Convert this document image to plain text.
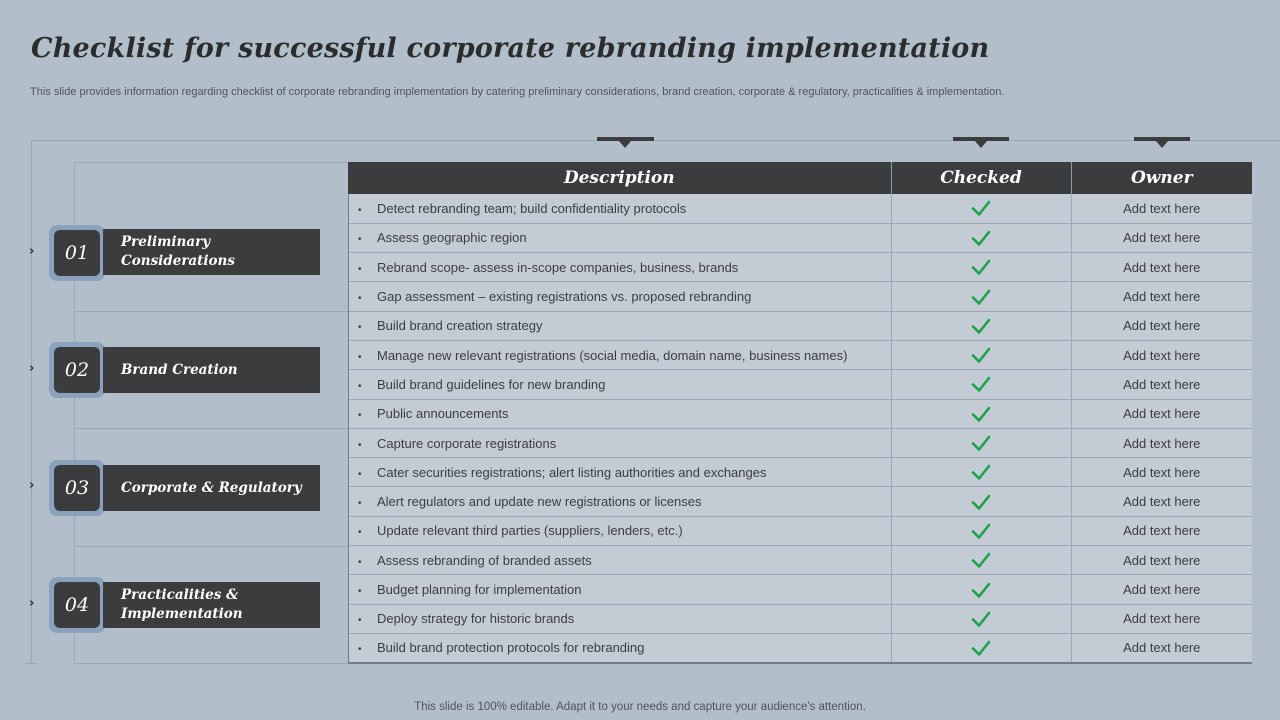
Checklist for successful corporate rebranding implementation
This slide provides information regarding checklist of corporate rebranding implementation by catering preliminary considerations, brand creation, corporate & regulatory, practicalities & implementation.
›	01	Preliminary
Considerations
›	02	Brand Creation
›	03	Corporate & Regulatory
›	04	Practicalities &
Implementation
Description	Checked	Owner
• Detect rebranding team; build confidentiality protocols		Add text here
• Assess geographic region		Add text here
• Rebrand scope- assess in-scope companies, business, brands		Add text here
• Gap assessment – existing registrations vs. proposed rebranding		Add text here
• Build brand creation strategy		Add text here
• Manage new relevant registrations (social media, domain name, business names)		Add text here
• Build brand guidelines for new branding		Add text here
• Public announcements		Add text here
• Capture corporate registrations		Add text here
• Cater securities registrations; alert listing authorities and exchanges		Add text here
• Alert regulators and update new registrations or licenses		Add text here
• Update relevant third parties (suppliers, lenders, etc.)		Add text here
• Assess rebranding of branded assets		Add text here
• Budget planning for implementation		Add text here
• Deploy strategy for historic brands		Add text here
• Build brand protection protocols for rebranding		Add text here
This slide is 100% editable. Adapt it to your needs and capture your audience's attention.
